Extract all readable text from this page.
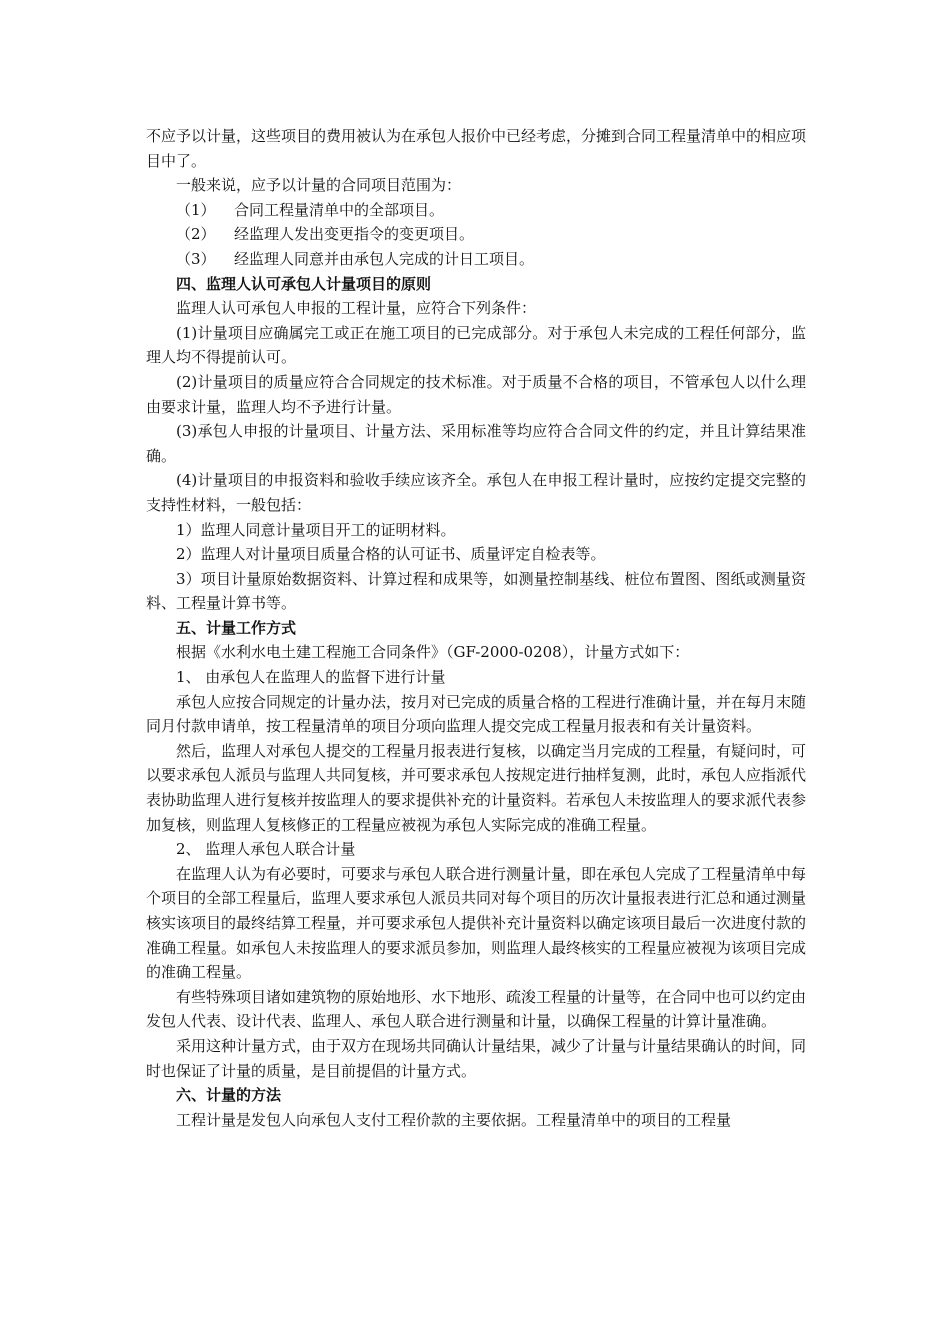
不应予以计量，这些项目的费用被认为在承包人报价中已经考虑，分摊到合同工程量清单中的相应项目中了。

一般来说，应予以计量的合同项目范围为：

（1） 合同工程量清单中的全部项目。

（2） 经监理人发出变更指令的变更项目。

（3） 经监理人同意并由承包人完成的计日工项目。

四、监理人认可承包人计量项目的原则

监理人认可承包人申报的工程计量，应符合下列条件：

(1)计量项目应确属完工或正在施工项目的已完成部分。对于承包人未完成的工程任何部分，监理人均不得提前认可。

(2)计量项目的质量应符合合同规定的技术标准。对于质量不合格的项目，不管承包人以什么理由要求计量，监理人均不予进行计量。

(3)承包人申报的计量项目、计量方法、采用标准等均应符合合同文件的约定，并且计算结果准确。

(4)计量项目的申报资料和验收手续应该齐全。承包人在申报工程计量时，应按约定提交完整的支持性材料，一般包括：

1）监理人同意计量项目开工的证明材料。

2）监理人对计量项目质量合格的认可证书、质量评定自检表等。

3）项目计量原始数据资料、计算过程和成果等，如测量控制基线、桩位布置图、图纸或测量资料、工程量计算书等。

五、计量工作方式

根据《水利水电土建工程施工合同条件》（GF-2000-0208），计量方式如下：

1、 由承包人在监理人的监督下进行计量

承包人应按合同规定的计量办法，按月对已完成的质量合格的工程进行准确计量，并在每月末随同月付款申请单，按工程量清单的项目分项向监理人提交完成工程量月报表和有关计量资料。

然后，监理人对承包人提交的工程量月报表进行复核，以确定当月完成的工程量，有疑问时，可以要求承包人派员与监理人共同复核，并可要求承包人按规定进行抽样复测，此时，承包人应指派代表协助监理人进行复核并按监理人的要求提供补充的计量资料。若承包人未按监理人的要求派代表参加复核，则监理人复核修正的工程量应被视为承包人实际完成的准确工程量。

2、 监理人承包人联合计量

在监理人认为有必要时，可要求与承包人联合进行测量计量，即在承包人完成了工程量清单中每个项目的全部工程量后，监理人要求承包人派员共同对每个项目的历次计量报表进行汇总和通过测量核实该项目的最终结算工程量，并可要求承包人提供补充计量资料以确定该项目最后一次进度付款的准确工程量。如承包人未按监理人的要求派员参加，则监理人最终核实的工程量应被视为该项目完成的准确工程量。

有些特殊项目诸如建筑物的原始地形、水下地形、疏浚工程量的计量等，在合同中也可以约定由发包人代表、设计代表、监理人、承包人联合进行测量和计量，以确保工程量的计算计量准确。

采用这种计量方式，由于双方在现场共同确认计量结果，减少了计量与计量结果确认的时间，同时也保证了计量的质量，是目前提倡的计量方式。

六、计量的方法

工程计量是发包人向承包人支付工程价款的主要依据。工程量清单中的项目的工程量
